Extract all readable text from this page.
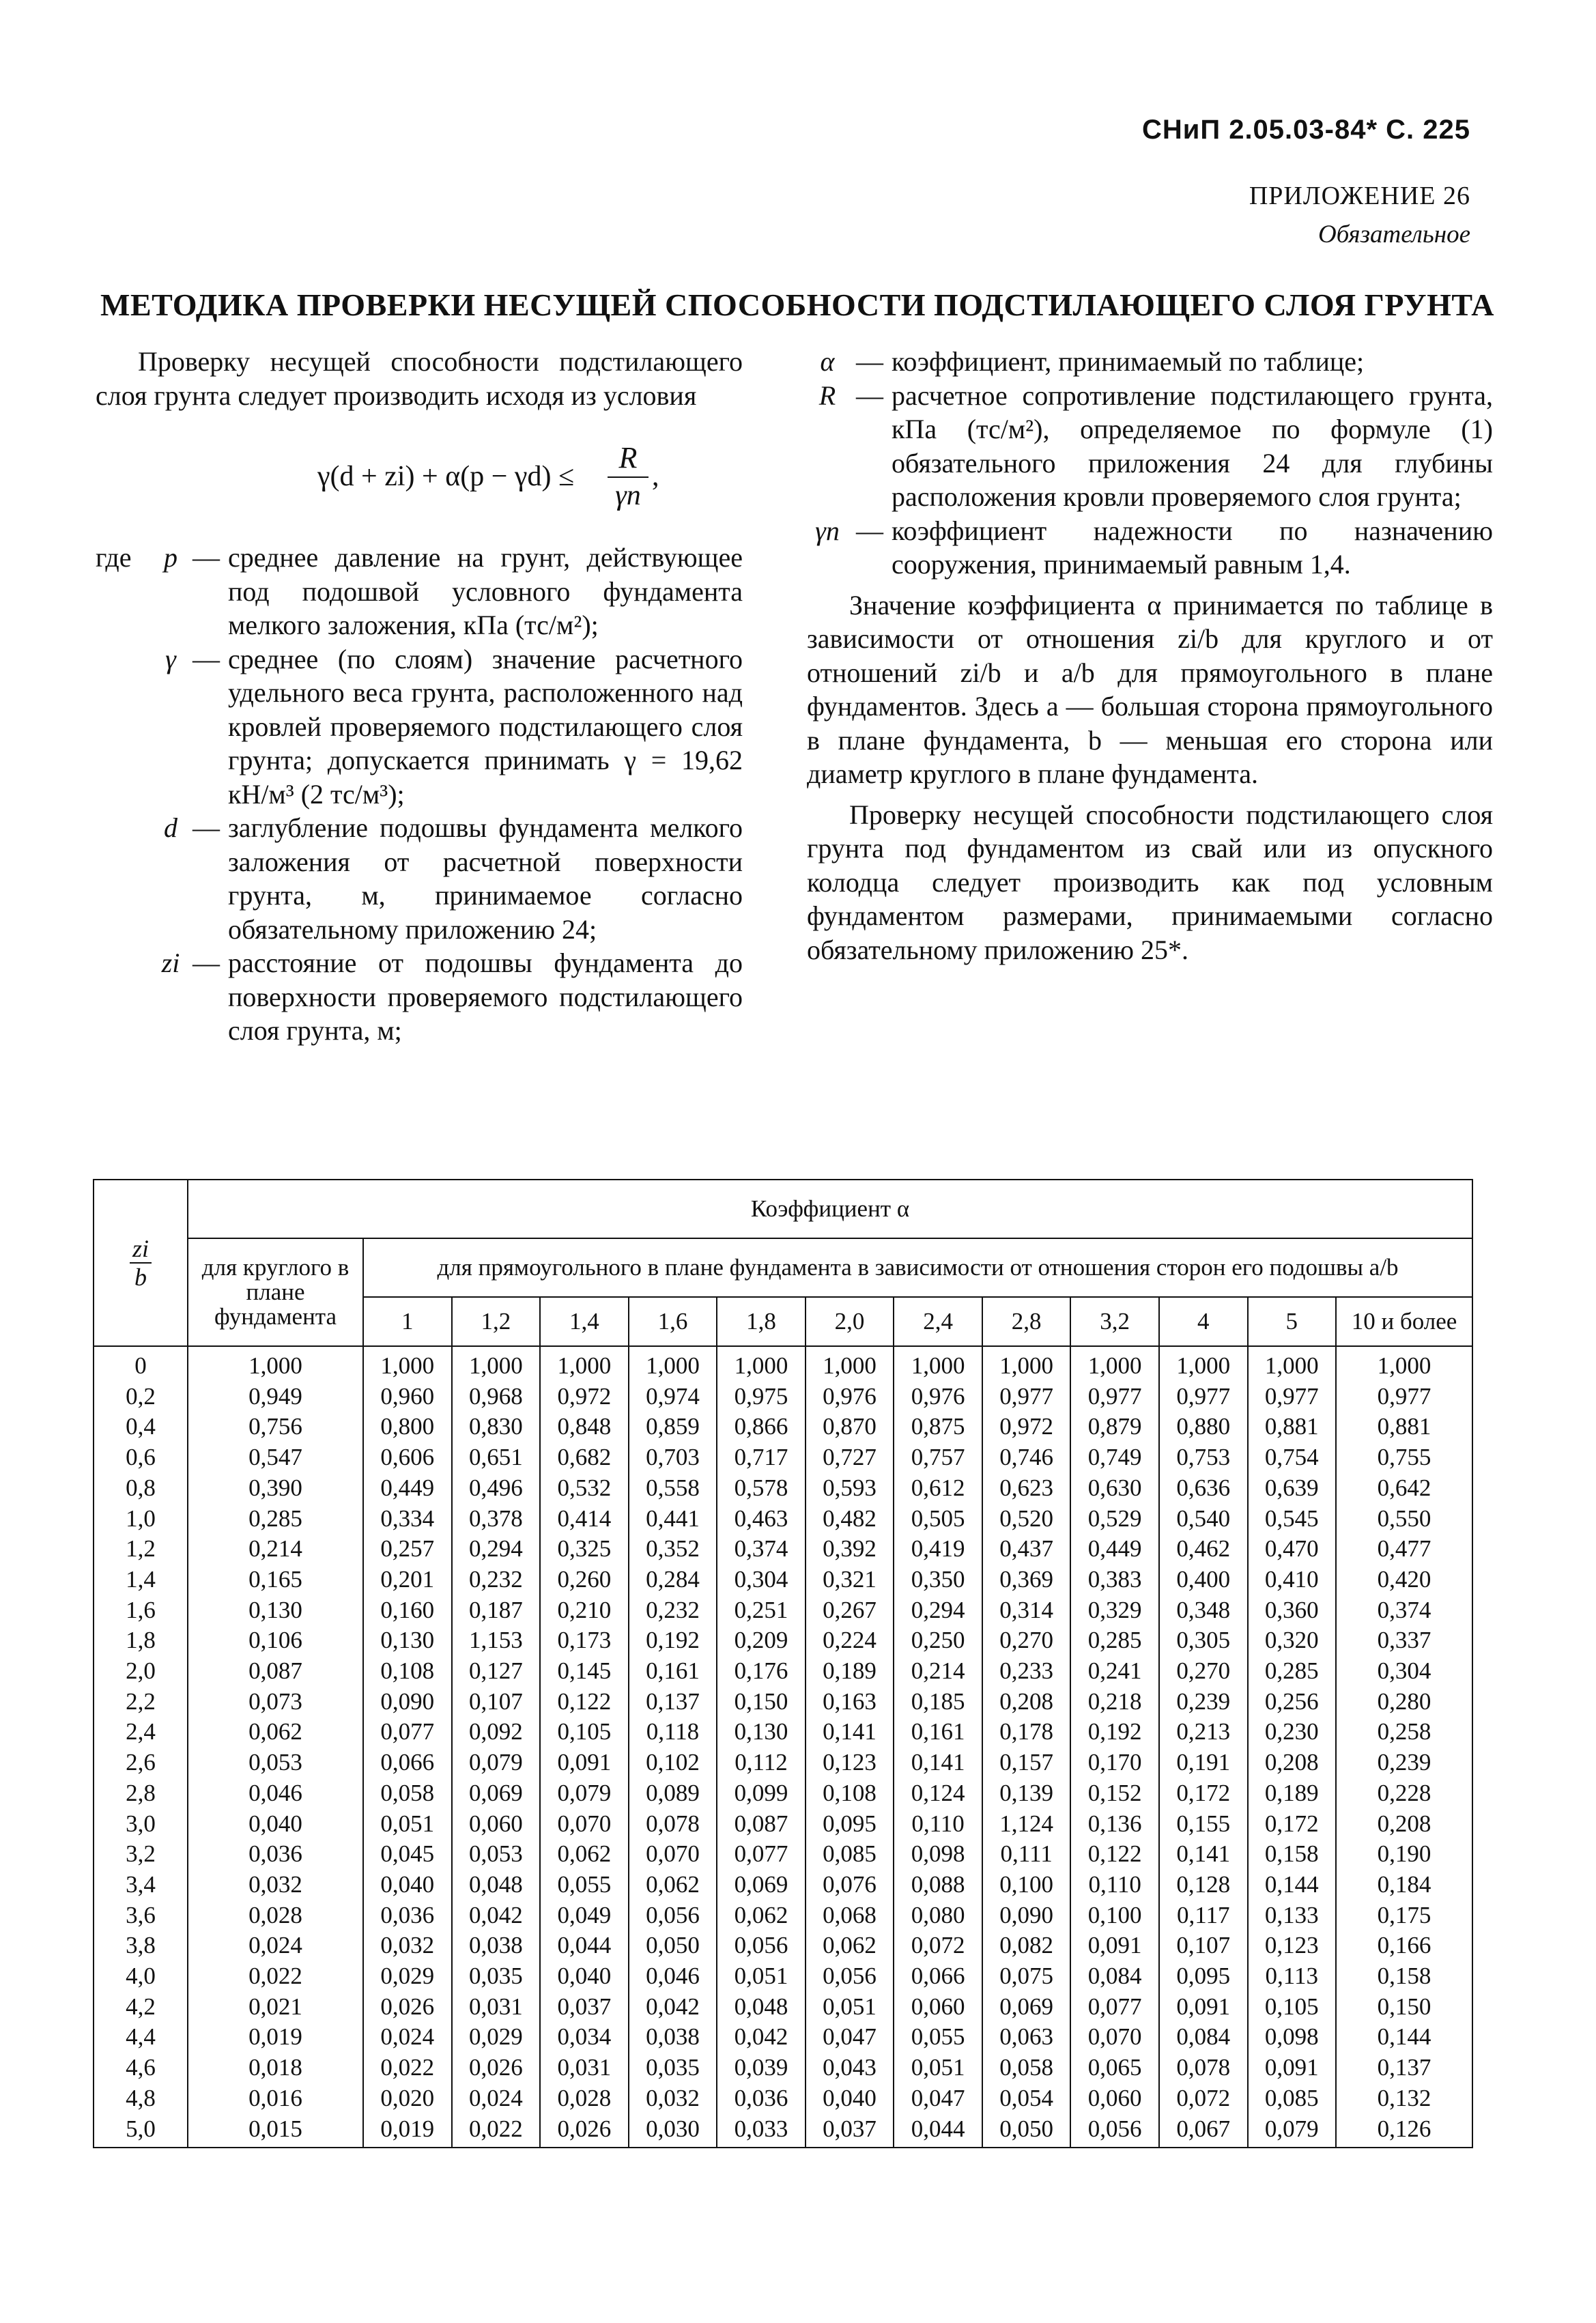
СНиП 2.05.03-84* С. 225
ПРИЛОЖЕНИЕ 26
Обязательное
МЕТОДИКА ПРОВЕРКИ НЕСУЩЕЙ СПОСОБНОСТИ ПОДСТИЛАЮЩЕГО СЛОЯ ГРУНТА

Проверку несущей способности подстилающего слоя грунта следует производить исходя из условия

$\gamma(d + zi) + \alpha(p - \gamma d) \le \frac{R}{\gamma n}$ ,
где	p — среднее давление на грунт, действующее под подошвой условного фундамента мелкого заложения, кПа (тс/м²);
γ — среднее (по слоям) значение расчетного удельного веса грунта, расположенного над кровлей проверяемого подстилающего слоя грунта; допускается принимать γ = 19,62 кН/м³ (2 тс/м³);
d — заглубление подошвы фундамента мелкого заложения от расчетной поверхности грунта, м, принимаемое согласно обязательному приложению 24;
zi — расстояние от подошвы фундамента до поверхности проверяемого подстилающего слоя грунта, м;
α — коэффициент, принимаемый по таблице;
R — расчетное сопротивление подстилающего грунта, кПа (тс/м²), определяемое по формуле (1) обязательного приложения 24 для глубины расположения кровли проверяемого слоя грунта;
γn — коэффициент надежности по назначению сооружения, принимаемый равным 1,4.

Значение коэффициента α принимается по таблице в зависимости от отношения zi/b для круглого и от отношений zi/b и a/b для прямоугольного в плане фундаментов. Здесь a — большая сторона прямоугольного в плане фундамента, b — меньшая его сторона или диаметр круглого в плане фундамента.

Проверку несущей способности подстилающего слоя грунта под фундаментом из свай или из опускного колодца следует производить как под условным фундаментом размерами, принимаемыми согласно обязательному приложению 25*.

$\frac{zi}{b}$	Коэффициент α												
	для круглого в плане фундамента	для прямоугольного в плане фундамента в зависимости от отношения сторон его подошвы a/b											
		1	1,2	1,4	1,6	1,8	2,0	2,4	2,8	3,2	4	5	10 и более
0	1,000	1,000	1,000	1,000	1,000	1,000	1,000	1,000	1,000	1,000	1,000	1,000	1,000
0,2	0,949	0,960	0,968	0,972	0,974	0,975	0,976	0,976	0,977	0,977	0,977	0,977	0,977
0,4	0,756	0,800	0,830	0,848	0,859	0,866	0,870	0,875	0,972	0,879	0,880	0,881	0,881
0,6	0,547	0,606	0,651	0,682	0,703	0,717	0,727	0,757	0,746	0,749	0,753	0,754	0,755
0,8	0,390	0,449	0,496	0,532	0,558	0,578	0,593	0,612	0,623	0,630	0,636	0,639	0,642
1,0	0,285	0,334	0,378	0,414	0,441	0,463	0,482	0,505	0,520	0,529	0,540	0,545	0,550
1,2	0,214	0,257	0,294	0,325	0,352	0,374	0,392	0,419	0,437	0,449	0,462	0,470	0,477
1,4	0,165	0,201	0,232	0,260	0,284	0,304	0,321	0,350	0,369	0,383	0,400	0,410	0,420
1,6	0,130	0,160	0,187	0,210	0,232	0,251	0,267	0,294	0,314	0,329	0,348	0,360	0,374
1,8	0,106	0,130	1,153	0,173	0,192	0,209	0,224	0,250	0,270	0,285	0,305	0,320	0,337
2,0	0,087	0,108	0,127	0,145	0,161	0,176	0,189	0,214	0,233	0,241	0,270	0,285	0,304
2,2	0,073	0,090	0,107	0,122	0,137	0,150	0,163	0,185	0,208	0,218	0,239	0,256	0,280
2,4	0,062	0,077	0,092	0,105	0,118	0,130	0,141	0,161	0,178	0,192	0,213	0,230	0,258
2,6	0,053	0,066	0,079	0,091	0,102	0,112	0,123	0,141	0,157	0,170	0,191	0,208	0,239
2,8	0,046	0,058	0,069	0,079	0,089	0,099	0,108	0,124	0,139	0,152	0,172	0,189	0,228
3,0	0,040	0,051	0,060	0,070	0,078	0,087	0,095	0,110	1,124	0,136	0,155	0,172	0,208
3,2	0,036	0,045	0,053	0,062	0,070	0,077	0,085	0,098	0,111	0,122	0,141	0,158	0,190
3,4	0,032	0,040	0,048	0,055	0,062	0,069	0,076	0,088	0,100	0,110	0,128	0,144	0,184
3,6	0,028	0,036	0,042	0,049	0,056	0,062	0,068	0,080	0,090	0,100	0,117	0,133	0,175
3,8	0,024	0,032	0,038	0,044	0,050	0,056	0,062	0,072	0,082	0,091	0,107	0,123	0,166
4,0	0,022	0,029	0,035	0,040	0,046	0,051	0,056	0,066	0,075	0,084	0,095	0,113	0,158
4,2	0,021	0,026	0,031	0,037	0,042	0,048	0,051	0,060	0,069	0,077	0,091	0,105	0,150
4,4	0,019	0,024	0,029	0,034	0,038	0,042	0,047	0,055	0,063	0,070	0,084	0,098	0,144
4,6	0,018	0,022	0,026	0,031	0,035	0,039	0,043	0,051	0,058	0,065	0,078	0,091	0,137
4,8	0,016	0,020	0,024	0,028	0,032	0,036	0,040	0,047	0,054	0,060	0,072	0,085	0,132
5,0	0,015	0,019	0,022	0,026	0,030	0,033	0,037	0,044	0,050	0,056	0,067	0,079	0,126
